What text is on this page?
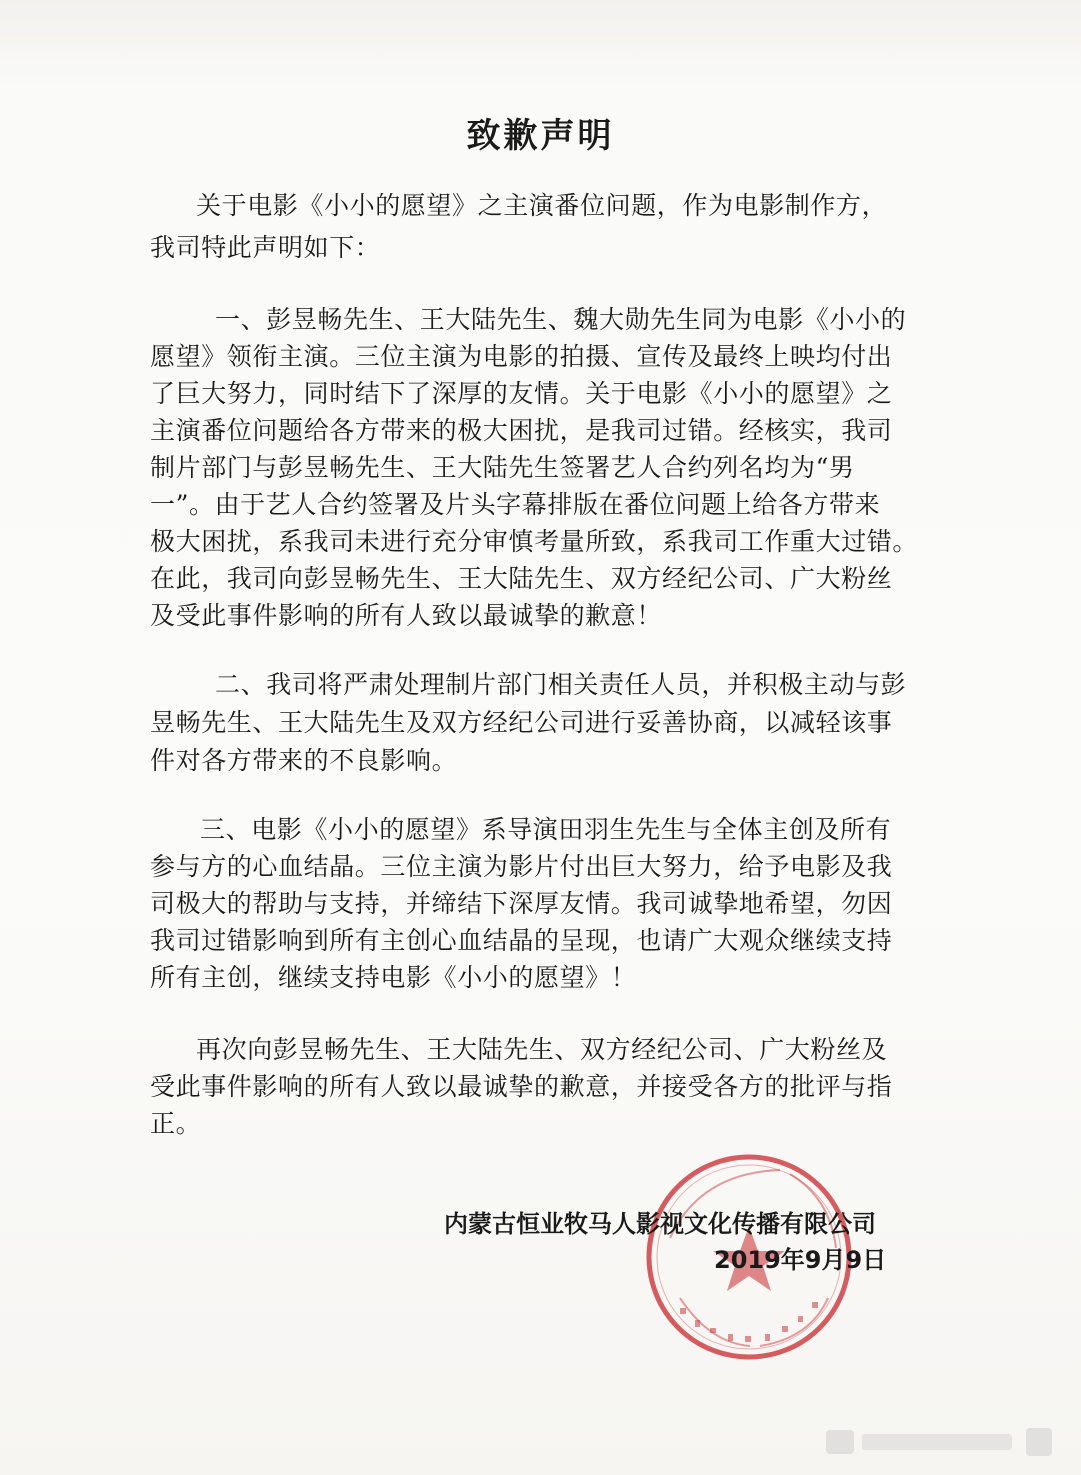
致歉声明
关于电影《小小的愿望》之主演番位问题，作为电影制作方，
我司特此声明如下：
一、彭昱畅先生、王大陆先生、魏大勋先生同为电影《小小的
愿望》领衔主演。三位主演为电影的拍摄、宣传及最终上映均付出
了巨大努力，同时结下了深厚的友情。关于电影《小小的愿望》之
主演番位问题给各方带来的极大困扰，是我司过错。经核实，我司
制片部门与彭昱畅先生、王大陆先生签署艺人合约列名均为“男
一”。由于艺人合约签署及片头字幕排版在番位问题上给各方带来
极大困扰，系我司未进行充分审慎考量所致，系我司工作重大过错。
在此，我司向彭昱畅先生、王大陆先生、双方经纪公司、广大粉丝
及受此事件影响的所有人致以最诚挚的歉意！
二、我司将严肃处理制片部门相关责任人员，并积极主动与彭
昱畅先生、王大陆先生及双方经纪公司进行妥善协商，以减轻该事
件对各方带来的不良影响。
三、电影《小小的愿望》系导演田羽生先生与全体主创及所有
参与方的心血结晶。三位主演为影片付出巨大努力，给予电影及我
司极大的帮助与支持，并缔结下深厚友情。我司诚挚地希望，勿因
我司过错影响到所有主创心血结晶的呈现，也请广大观众继续支持
所有主创，继续支持电影《小小的愿望》！
再次向彭昱畅先生、王大陆先生、双方经纪公司、广大粉丝及
受此事件影响的所有人致以最诚挚的歉意，并接受各方的批评与指
正。
内蒙古恒业牧马人影视文化传播有限公司
2019年9月9日
